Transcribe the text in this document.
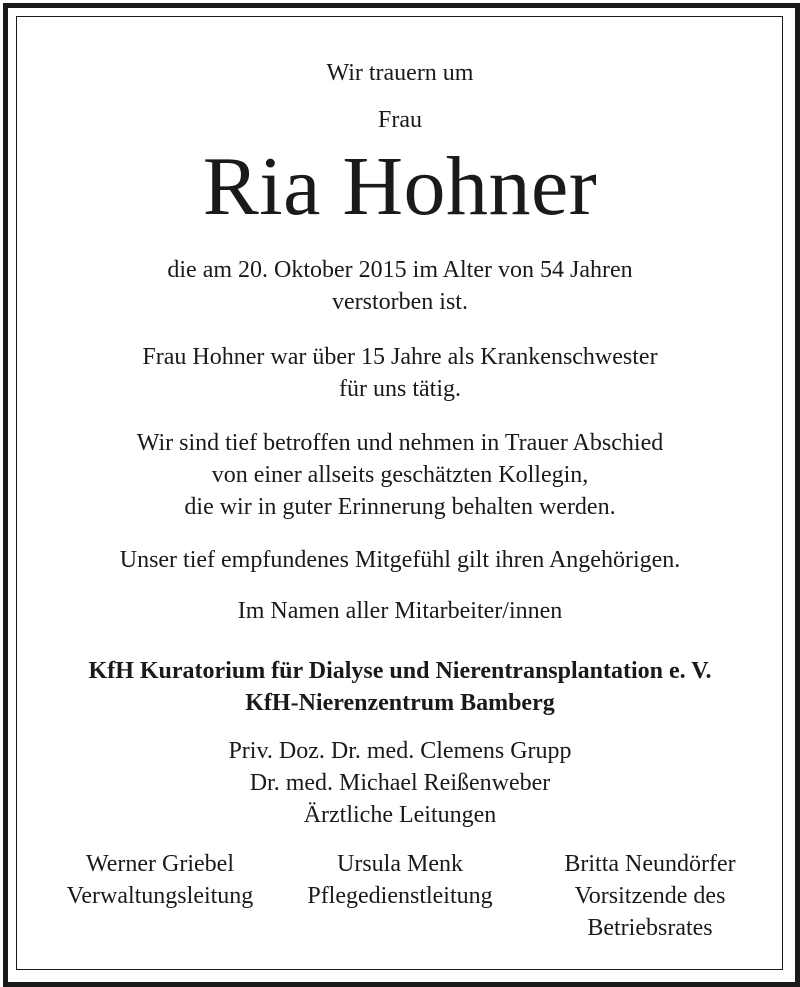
Wir trauern um
Frau
Ria Hohner
die am 20. Oktober 2015 im Alter von 54 Jahren
verstorben ist.
Frau Hohner war über 15 Jahre als Krankenschwester
für uns tätig.
Wir sind tief betroffen und nehmen in Trauer Abschied
von einer allseits geschätzten Kollegin,
die wir in guter Erinnerung behalten werden.
Unser tief empfundenes Mitgefühl gilt ihren Angehörigen.
Im Namen aller Mitarbeiter/innen
KfH Kuratorium für Dialyse und Nierentransplantation e. V.
KfH-Nierenzentrum Bamberg
Priv. Doz. Dr. med. Clemens Grupp
Dr. med. Michael Reißenweber
Ärztliche Leitungen
Werner Griebel
Verwaltungsleitung
Ursula Menk
Pflegedienstleitung
Britta Neundörfer
Vorsitzende des
Betriebsrates
